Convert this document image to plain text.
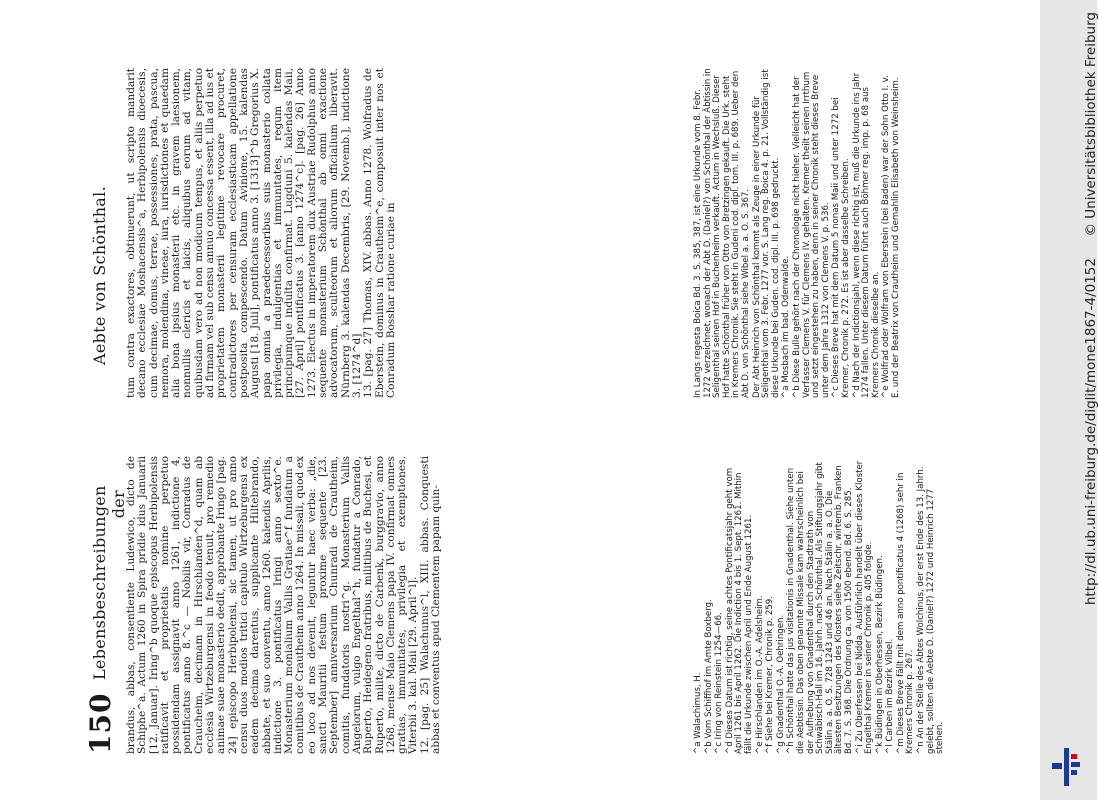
150
Lebensbeschreibungen der
Aebte von Schönthal.

brandus, abbas, consentiente Ludewico, dicto de Schiphe^a. Actum 1260 in Spira pridie idus Januarii [12. Januar]. Iring^b quoque episcopus Herbipolensis ratificavit et proprietatis nomine perpetuo possidendam assignavit anno 1261, indictione 4, pontificatus anno 8.^c — Nobilis vir, Conradus de Craucheim, decimam in Hirschlanden^d, quam ab ecclesia Wirtzeburgensi in feodo tenuit, pro remedio animae suae monasterio dedit, approbante Iringo [pag. 24] episcopo Herbipolensi, sic tamen, ut pro anno censu duos modios tritici capitulo Wirtzeburgensi ex eadem decima darentus, supplicante Hiltebrando, abbate, et suo conventu, anno 1260. kalendis Aprilis, indictione 3. pontificatus Iringi anno sexto^e. Monasterium monialium Vallis Gratiae^f fundatum a comitibus de Crautheim anno 1264. In missali, quod ex eo loco ad nos devenit, leguntur haec verba: „die, sancti Mauritii festum proxime sequente [23. September] anniversarium Chunradi de Crautheim, comitis, fundatoris nostri^g. Monasterium Vallis Angelorum, vulgo Engelthal^h, fundatur a Conrado, Ruperto, Heidegeno fratribus, militibus de Buchesi, et Ruperto, milite, dicto de Carbenk, burggravio, anno 1268, mense Maio Clemens papa IV. confirmat omnes gratias, immunitates, privilegia et exemptiones. Viterbii 3. kal. Maii [29. April^l]. 12. [pag. 25] Walachunus^l, XIII. abbas. Conquesti abbas et conventus apud Clementem papam quin-

tum contra exactores, obtinuerunt, ut scripto mandarit decano ecclesiae Moshacensis^a, Herbipolensis dioecesis, cum decimae, domus, terrae, possessiones, prata, pascua, nemora, molendina, vineae, iura, iurisdictiones et quaedam alia bona ipsius monasterii etc. in gravem laesionem, nonnullis clericis et laicis, aliquibus eorum ad vitam, quibusdam vero ad non modicum tempus, et aliis perpetuo ad firmam vel sub censu annuo concessa essent, illa ad ius et proprietatem monasterii legitime revocare procuret, contradictores per censuram ecclesiasticam appellatione postposita compescendo. Datum Avinione, 15. kalendas Augusti [18. Juli], pontificatus anno 3. [1313]^b Gregorius X. papa omnia a praedecessoribus suis monasterio collata privilegia, indulgentias et immunitates, regum item principumque indulta confirmat. Lugduni 5. kalendas Maii, [27. April] pontificatus 3. [anno 1274^c]. [pag. 26] Anno 1273. Electus in imperatorem dux Austriae Rudolphus anno sequente monasterium Schönthal ab omni exactione advocatorum, sculteorum et aliorum officialium liberavit. Nürnberg 3. kalendas Decembris, [29. Novemb.], indictione 3. [1274^d] 13. [pag. 27] Thomas, XIV. abbas. Anno 1278. Wolfradus de Eberstein, dominus in Crautheim^e, composuit inter nos et Conradum Bosshar ratione curiae in

^a Walachimus, H. ^b Vom Schiffhof im Amte Boxberg. ^c Iring von Reinstein 1254—66. ^d Dieses Datum ist richtig, seine achtes Pontificatsjahr geht vom April 1261 bis April 1262. Die Indiction 4 bis 1. Sept. 1261. Mithin fällt die Urkunde zwischen April und Ende August 1261. ^e Hirschlanden im O.-A. Adelsheim. ^f Siehe bei Kremer, Chronik p. 259. ^g Gnadenthal O.-A. Oehringen. ^h Schönthal hatte das jus visitationis in Gnadenthal. Siehe unten die Aebtissin. Das oben genannte Missale kam wahrscheinlich bei der Aufhebung von Gnadenthal durch den Stadtrath von Schwäbisch-Hall im 16. Jahrh. nach Schönthal. Als Stiftungsjahr gibt Stälin a. a. O. S. 728 1243 und 46 an. Nach Stälin a. a. O. Die ältesten Besitzungen des Klosters siehe Zeitschr. wirtemb. Franken Bd. 7. S. 368. Die Ordnung ca. von 1500 ebend. Bd. 6. S. 285. ^i Zu Oberfessen bei Nidda. Ausführlich handelt über dieses Kloster Engelthal Kremer in seiner Chronik p. 405 folgde. ^k Büdingen in Oberhessen, Bezirk Büdingen. ^l Carben im Bezirk Vilbel. ^m Dieses Breve fällt mit dem anno pontificatus 4 (1268) sehr in Kremers Chronik p. 267. ^n An der Stelle des Abtes Wolchinus, der erst Ende des 13. Jahrh. gelebt, sollten die Aebte D. (Daniel?) 1272 und Heinrich 1277 stehen.
In Langs regesta Boica Bd. 3. S. 385, 387, ist eine Urkunde vom 8. Febr. 1272 verzeichnet, wonach der Abt D. (Daniel?) von Schönthal der Äbtissin in Seligenthal seinen Hof in Buchenheim verkauft. Actum in Wechsluß. Dieser Hof hatte Schönthal früher von Otto von Bretzingen gekauft. Die Urk. steht in Kremers Chronik. Sie steht in Gudeni cod. dipl. tom. III. p. 689. Ueber den Abt D. von Schönthal siehe Wibel a. a. O. S. 367. Der Abt Heinrich von Schönthal kommt als Zeuge in einer Urkunde für Seligenthal vom 3. Febr. 1277 vor. S. Lang reg. Boica 4. p. 21. Vollständig ist diese Urkunde bei Guden. cod. dipl. III. p. 698 gedruckt. ^a Mosbach im bad. Odenwalde. ^b Diese Bulle gehört nach der Chronologie nicht hieher. Vielleicht hat der Verfasser Clemens V. für Clemens IV. gehalten. Kremer theilt seinen Irrthum und setzt eingestehen zu haben, denn in seiner Chronik steht dieses Breve unter dem Jahre 1312 von Clemens V. p. 536. ^c Dieses Breve hat mit dem Datum 5 nonas Maii und unter 1272 bei Kremer, Chronik p. 272. Es ist aber dasselbe Schreiben. ^d Nach der Indictionsjahl, wenn diese richtig ist, muß die Urkunde ins Jahr 1274 fallen. Unter diesem Datum führt auch Böhmer reg. imp. p. 68 aus Kremers Chronik dieselbe an. ^e Wolfrad oder Wolfram von Eberstein (bei Baden) war der Sohn Otto I. v. E. und der Beatrix von Crautheim und Gemahlin Elisabeth von Weinsheim.
http://dl.ub.uni-freiburg.de/diglit/mone1867-4/0152     © Universitätsbibliothek Freiburg
